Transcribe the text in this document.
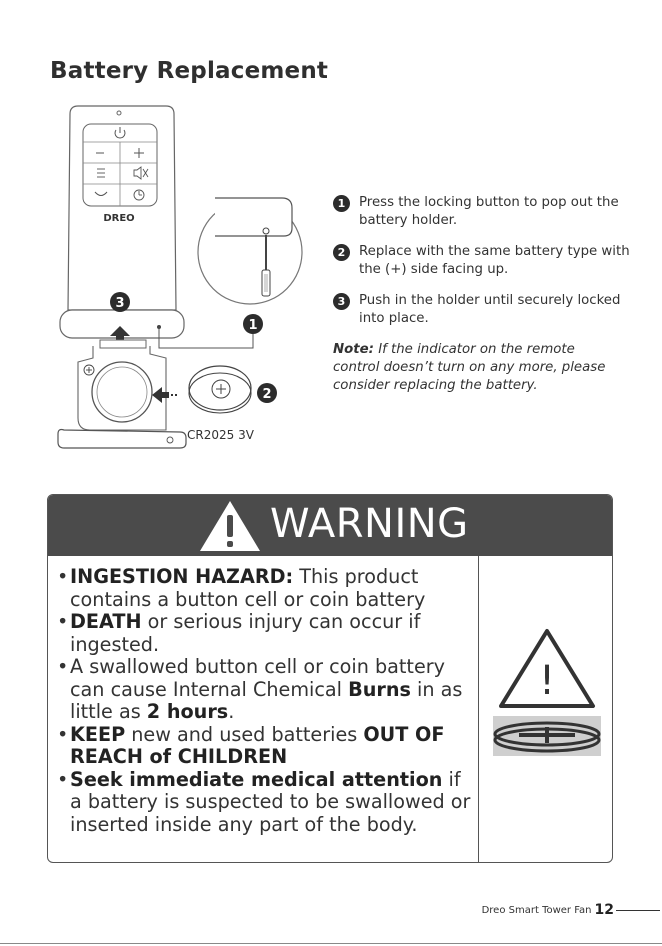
Battery Replacement
DREO
3
CR2025 3V
2
1
1	Press the locking button to pop out the battery holder.
2	Replace with the same battery type with the (+) side facing up.
3	Push in the holder until securely locked into place.
Note: If the indicator on the remote control doesn’t turn on any more, please consider replacing the battery.
WARNING
• INGESTION HAZARD: This product contains a button cell or coin battery
• DEATH or serious injury can occur if ingested.
• A swallowed button cell or coin battery can cause Internal Chemical Burns in as little as 2 hours.
• KEEP new and used batteries OUT OF REACH of CHILDREN
• Seek immediate medical attention if a battery is suspected to be swallowed or inserted inside any part of the body.
!
Dreo Smart Tower Fan 12
